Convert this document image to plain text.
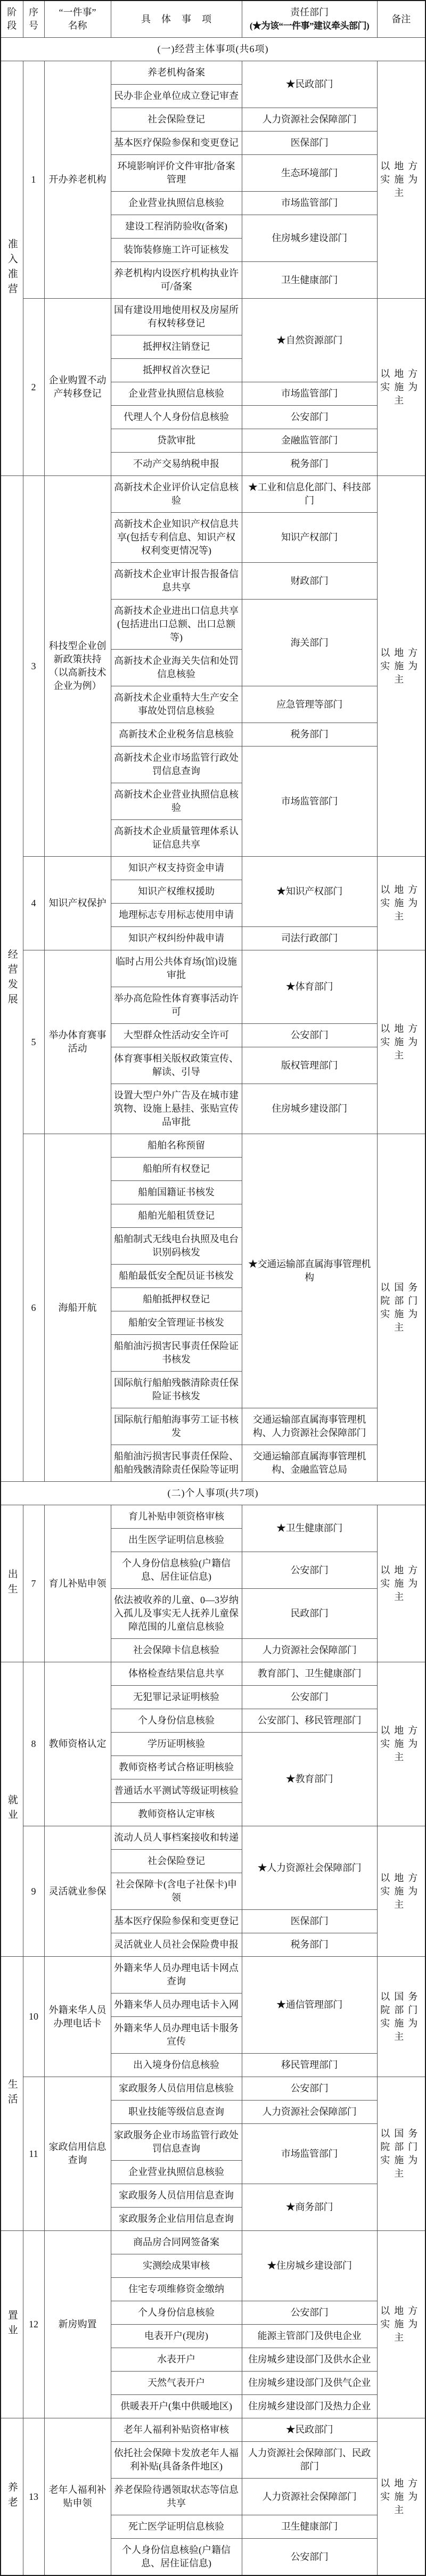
阶
段	序
号	“一件事”
名称	具 体 事 项	责任部门
(★为该“一件事”建议牵头部门)	备注
(一)经营主体事项(共6项)					

准入准营	1	开办养老机构	养老机构备案	★民政部门	以地方实施为主
			民办非企业单位成立登记审查		
			社会保险登记	人力资源社会保障部门	
			基本医疗保险参保和变更登记	医保部门	
			环境影响评价文件审批/备案管理	生态环境部门	
			企业营业执照信息核验	市场监管部门	
			建设工程消防验收(备案)	住房城乡建设部门	
			装饰装修施工许可证核发		
			养老机构内设医疗机构执业许可/备案	卫生健康部门	
	2	企业购置不动产转移登记	国有建设用地使用权及房屋所有权转移登记	★自然资源部门	以地方实施为主
			抵押权注销登记		
			抵押权首次登记		
			企业营业执照信息核验	市场监管部门	
			代理人个人身份信息核验	公安部门	
			贷款审批	金融监管部门	
			不动产交易纳税申报	税务部门	

经营发展	3	科技型企业创新政策扶持（以高新技术企业为例）	高新技术企业评价认定信息核验	★工业和信息化部门、科技部门	以地方实施为主
			高新技术企业知识产权信息共享(包括专利信息、知识产权权利变更情况等)	知识产权部门	
			高新技术企业审计报告报备信息共享	财政部门	
			高新技术企业进出口信息共享(包括进出口总额、出口总额等)	海关部门	
			高新技术企业海关失信和处罚信息核验		
			高新技术企业重特大生产安全事故处罚信息核验	应急管理等部门	
			高新技术企业税务信息核验	税务部门	
			高新技术企业市场监管行政处罚信息查询	市场监管部门	
			高新技术企业营业执照信息核验		
			高新技术企业质量管理体系认证信息共享		
	4	知识产权保护	知识产权支持资金申请	★知识产权部门	以地方实施为主
			知识产权维权援助		
			地理标志专用标志使用申请		
			知识产权纠纷仲裁申请	司法行政部门	
	5	举办体育赛事活动	临时占用公共体育场(馆)设施审批	★体育部门	以地方实施为主
			举办高危险性体育赛事活动许可		
			大型群众性活动安全许可	公安部门	
			体育赛事相关版权政策宣传、解读、引导	版权管理部门	
			设置大型户外广告及在城市建筑物、设施上悬挂、张贴宣传品审批	住房城乡建设部门	
	6	海船开航	船舶名称预留	★交通运输部直属海事管理机构	以国务院部门实施为主
			船舶所有权登记		
			船舶国籍证书核发		
			船舶光船租赁登记		
			船舶制式无线电台执照及电台识别码核发		
			船舶最低安全配员证书核发		
			船舶抵押权登记		
			船舶安全管理证书核发		
			船舶油污损害民事责任保险证书核发		
			国际航行船舶残骸清除责任保险证书核发		
			国际航行船舶海事劳工证书核发	交通运输部直属海事管理机构、人力资源社会保障部门	
			船舶油污损害民事责任保险、船舶残骸清除责任保险等证明	交通运输部直属海事管理机构、金融监管总局	
(二)个人事项(共7项)					

出生	7	育儿补贴申领	育儿补贴申领资格审核	★卫生健康部门	以地方实施为主
			出生医学证明信息核验		
			个人身份信息核验(户籍信息、居住证信息)	公安部门	
			依法被收养的儿童、0—3岁纳入孤儿及事实无人抚养儿童保障范围的儿童信息核验	民政部门	
			社会保障卡信息核验	人力资源社会保障部门	

就业	8	教师资格认定	体格检查结果信息共享	教育部门、卫生健康部门	以地方实施为主
			无犯罪记录证明核验	公安部门	
			个人身份信息核验	公安部门、移民管理部门	
			学历证明核验	★教育部门	
			教师资格考试合格证明核验		
			普通话水平测试等级证明核验		
			教师资格认定审核		
	9	灵活就业参保	流动人员人事档案接收和转递	★人力资源社会保障部门	以地方实施为主
			社会保险登记		
			社会保障卡(含电子社保卡)申领		
			基本医疗保险参保和变更登记	医保部门	
			灵活就业人员社会保险费申报	税务部门	

生活	10	外籍来华人员办理电话卡	外籍来华人员办理电话卡网点查询	★通信管理部门	以国务院部门实施为主
			外籍来华人员办理电话卡入网		
			外籍来华人员办理电话卡服务宣传		
			出入境身份信息核验	移民管理部门	
	11	家政信用信息查询	家政服务人员信用信息核验	公安部门	以国务院部门实施为主
			职业技能等级信息查询	人力资源社会保障部门	
			家政服务企业市场监管行政处罚信息查询	市场监管部门	
			企业营业执照信息核验		
			家政服务人员信用信息查询	★商务部门	
			家政服务企业信用信息查询		

置业	12	新房购置	商品房合同网签备案	★住房城乡建设部门	以地方实施为主
			实测绘成果审核		
			住宅专项维修资金缴纳		
			个人身份信息核验	公安部门	
			电表开户(现房)	能源主管部门及供电企业	
			水表开户	住房城乡建设部门及供水企业	
			天然气表开户	住房城乡建设部门及供气企业	
			供暖表开户(集中供暖地区)	住房城乡建设部门及热力企业	

养老	13	老年人福利补贴申领	老年人福利补贴资格审核	★民政部门	以地方实施为主
			依托社会保障卡发放老年人福利补贴(具备条件地区)	人力资源社会保障部门、民政部门	
			养老保险待遇领取状态等信息共享	人力资源社会保障部门	
			死亡医学证明信息核验	卫生健康部门	
			个人身份信息核验(户籍信息、居住证信息)	公安部门	
